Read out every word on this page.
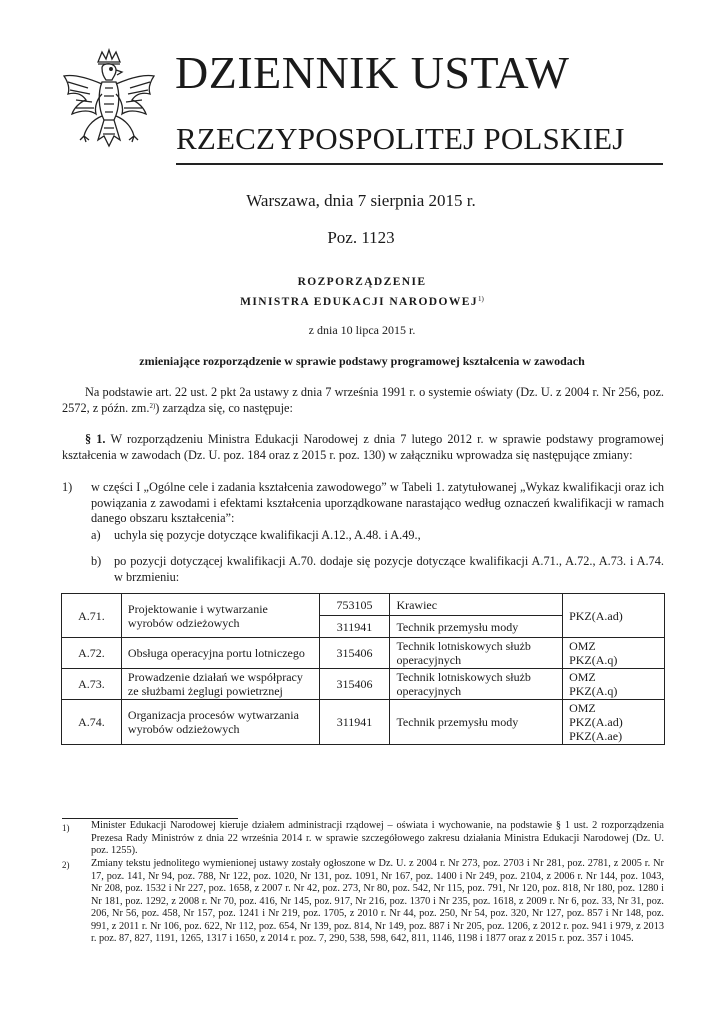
DZIENNIK USTAW
RZECZYPOSPOLITEJ POLSKIEJ
Warszawa, dnia 7 sierpnia 2015 r.
Poz. 1123
ROZPORZĄDZENIE
MINISTRA EDUKACJI NARODOWEJ$^{1)}$
z dnia 10 lipca 2015 r.
zmieniające rozporządzenie w sprawie podstawy programowej kształcenia w zawodach
Na podstawie art. 22 ust. 2 pkt 2a ustawy z dnia 7 września 1991 r. o systemie oświaty (Dz. U. z 2004 r. Nr 256, poz. 2572, z późn. zm.$^{2)}$) zarządza się, co następuje:
§ 1. W rozporządzeniu Ministra Edukacji Narodowej z dnia 7 lutego 2012 r. w sprawie podstawy programowej kształcenia w zawodach (Dz. U. poz. 184 oraz z 2015 r. poz. 130) w załączniku wprowadza się następujące zmiany:
1) w części I „Ogólne cele i zadania kształcenia zawodowego” w Tabeli 1. zatytułowanej „Wykaz kwalifikacji oraz ich powiązania z zawodami i efektami kształcenia uporządkowane narastająco według oznaczeń kwalifikacji w ramach danego obszaru kształcenia”:
a) uchyla się pozycje dotyczące kwalifikacji A.12., A.48. i A.49.,
b) po pozycji dotyczącej kwalifikacji A.70. dodaje się pozycje dotyczące kwalifikacji A.71., A.72., A.73. i A.74. w brzmieniu:
A.71.	Projektowanie i wytwarzanie wyrobów odzieżowych	753105	Krawiec	PKZ(A.ad)
		311941	Technik przemysłu mody	
A.72.	Obsługa operacyjna portu lotniczego	315406	Technik lotniskowych służb operacyjnych	OMZ
PKZ(A.q)

A.73.	Prowadzenie działań we współpracy ze służbami żeglugi powietrznej	315406	Technik lotniskowych służb operacyjnych	OMZ
PKZ(A.q)

A.74.	Organizacja procesów wytwarzania wyrobów odzieżowych	311941	Technik przemysłu mody	OMZ
PKZ(A.ad)
PKZ(A.ae)
1) Minister Edukacji Narodowej kieruje działem administracji rządowej – oświata i wychowanie, na podstawie § 1 ust. 2 rozporządzenia Prezesa Rady Ministrów z dnia 22 września 2014 r. w sprawie szczegółowego zakresu działania Ministra Edukacji Narodowej (Dz. U. poz. 1255).
2) Zmiany tekstu jednolitego wymienionej ustawy zostały ogłoszone w Dz. U. z 2004 r. Nr 273, poz. 2703 i Nr 281, poz. 2781, z 2005 r. Nr 17, poz. 141, Nr 94, poz. 788, Nr 122, poz. 1020, Nr 131, poz. 1091, Nr 167, poz. 1400 i Nr 249, poz. 2104, z 2006 r. Nr 144, poz. 1043, Nr 208, poz. 1532 i Nr 227, poz. 1658, z 2007 r. Nr 42, poz. 273, Nr 80, poz. 542, Nr 115, poz. 791, Nr 120, poz. 818, Nr 180, poz. 1280 i Nr 181, poz. 1292, z 2008 r. Nr 70, poz. 416, Nr 145, poz. 917, Nr 216, poz. 1370 i Nr 235, poz. 1618, z 2009 r. Nr 6, poz. 33, Nr 31, poz. 206, Nr 56, poz. 458, Nr 157, poz. 1241 i Nr 219, poz. 1705, z 2010 r. Nr 44, poz. 250, Nr 54, poz. 320, Nr 127, poz. 857 i Nr 148, poz. 991, z 2011 r. Nr 106, poz. 622, Nr 112, poz. 654, Nr 139, poz. 814, Nr 149, poz. 887 i Nr 205, poz. 1206, z 2012 r. poz. 941 i 979, z 2013 r. poz. 87, 827, 1191, 1265, 1317 i 1650, z 2014 r. poz. 7, 290, 538, 598, 642, 811, 1146, 1198 i 1877 oraz z 2015 r. poz. 357 i 1045.
